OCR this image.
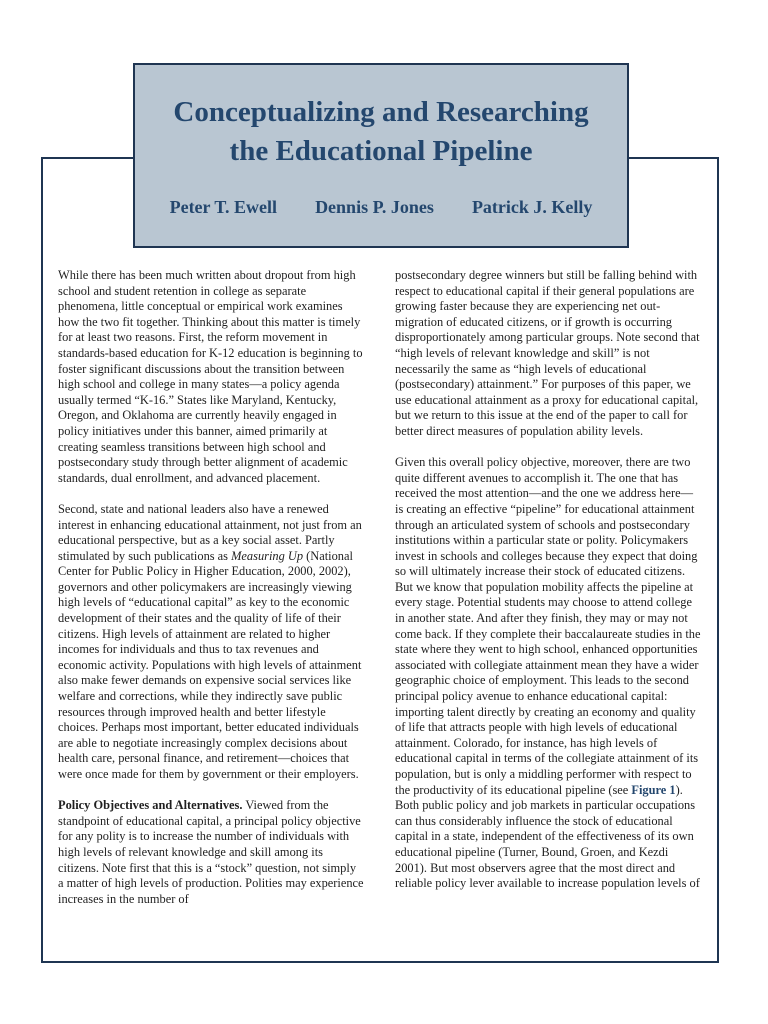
Conceptualizing and Researching
the Educational Pipeline
Peter T. Ewell Dennis P. Jones Patrick J. Kelly

While there has been much written about dropout from high school and student retention in college as separate phenomena, little conceptual or empirical work examines how the two fit together. Thinking about this matter is timely for at least two reasons. First, the reform movement in standards-based education for K-12 education is beginning to foster significant discussions about the transition between high school and college in many states—a policy agenda usually termed “K-16.” States like Maryland, Kentucky, Oregon, and Oklahoma are currently heavily engaged in policy initiatives under this banner, aimed primarily at creating seamless transitions between high school and postsecondary study through better alignment of academic standards, dual enrollment, and advanced placement.

Second, state and national leaders also have a renewed interest in enhancing educational attainment, not just from an educational perspective, but as a key social asset. Partly stimulated by such publications as Measuring Up (National Center for Public Policy in Higher Education, 2000, 2002), governors and other policymakers are increasingly viewing high levels of “educational capital” as key to the economic development of their states and the quality of life of their citizens. High levels of attainment are related to higher incomes for individuals and thus to tax revenues and economic activity. Populations with high levels of attainment also make fewer demands on expensive social services like welfare and corrections, while they indirectly save public resources through improved health and better lifestyle choices. Perhaps most important, better educated individuals are able to negotiate increasingly complex decisions about health care, personal finance, and retirement—choices that were once made for them by government or their employers.

Policy Objectives and Alternatives. Viewed from the standpoint of educational capital, a principal policy objective for any polity is to increase the number of individuals with high levels of relevant knowledge and skill among its citizens. Note first that this is a “stock” question, not simply a matter of high levels of production. Polities may experience increases in the number of

postsecondary degree winners but still be falling behind with respect to educational capital if their general populations are growing faster because they are experiencing net out-migration of educated citizens, or if growth is occurring disproportionately among particular groups. Note second that “high levels of relevant knowledge and skill” is not necessarily the same as “high levels of educational (postsecondary) attainment.” For purposes of this paper, we use educational attainment as a proxy for educational capital, but we return to this issue at the end of the paper to call for better direct measures of population ability levels.

Given this overall policy objective, moreover, there are two quite different avenues to accomplish it. The one that has received the most attention—and the one we address here—is creating an effective “pipeline” for educational attainment through an articulated system of schools and postsecondary institutions within a particular state or polity. Policymakers invest in schools and colleges because they expect that doing so will ultimately increase their stock of educated citizens. But we know that population mobility affects the pipeline at every stage. Potential students may choose to attend college in another state. And after they finish, they may or may not come back. If they complete their baccalaureate studies in the state where they went to high school, enhanced opportunities associated with collegiate attainment mean they have a wider geographic choice of employment. This leads to the second principal policy avenue to enhance educational capital: importing talent directly by creating an economy and quality of life that attracts people with high levels of educational attainment. Colorado, for instance, has high levels of educational capital in terms of the collegiate attainment of its population, but is only a middling performer with respect to the productivity of its educational pipeline (see Figure 1). Both public policy and job markets in particular occupations can thus considerably influence the stock of educational capital in a state, independent of the effectiveness of its own educational pipeline (Turner, Bound, Groen, and Kezdi 2001). But most observers agree that the most direct and reliable policy lever available to increase population levels of
